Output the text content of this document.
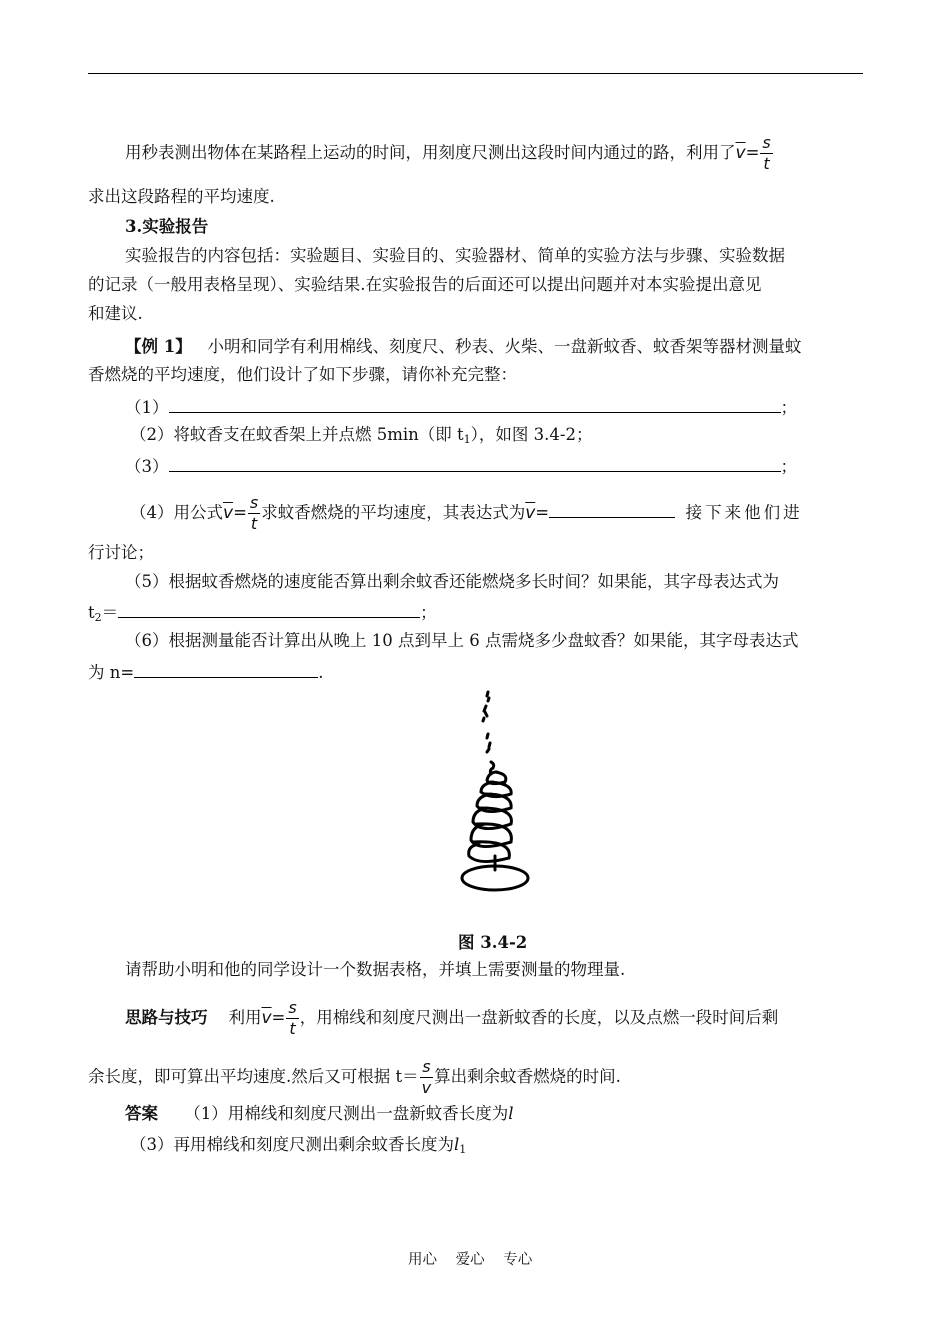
用秒表测出物体在某路程上运动的时间，用刻度尺测出这段时间内通过的路，利用了$\overline{v}= \frac{s}{t}$
求出这段路程的平均速度.
3.实验报告
实验报告的内容包括：实验题目、实验目的、实验器材、简单的实验方法与步骤、实验数据
的记录（一般用表格呈现）、实验结果.在实验报告的后面还可以提出问题并对本实验提出意见
和建议.
【例 1】 小明和同学有利用棉线、刻度尺、秒表、火柴、一盘新蚊香、蚊香架等器材测量蚊
香燃烧的平均速度，他们设计了如下步骤，请你补充完整：
（1）	；
（2）将蚊香支在蚊香架上并点燃 5min（即 $t_1$），如图 3.4-2；
（3）	；
（4）用公式$\overline{v}= \frac{s}{t}$ 求蚊香燃烧的平均速度，其表达式为$\overline{v}=$	接下来他们进
行讨论；
（5）根据蚊香燃烧的速度能否算出剩余蚊香还能燃烧多长时间？如果能，其字母表达式为
$t_2=$	；
（6）根据测量能否计算出从晚上 10 点到早上 6 点需烧多少盘蚊香？如果能，其字母表达式
为 n=	.
图 3.4-2
请帮助小明和他的同学设计一个数据表格，并填上需要测量的物理量.
思路与技巧 利用$\overline{v}= \frac{s}{t}$ ，用棉线和刻度尺测出一盘新蚊香的长度，以及点燃一段时间后剩
余长度，即可算出平均速度.然后又可根据 $t= \frac{s}{v}$ 算出剩余蚊香燃烧的时间.
答案 （1）用棉线和刻度尺测出一盘新蚊香长度为l
（3）再用棉线和刻度尺测出剩余蚊香长度为$l_1$
用心 爱心 专心
